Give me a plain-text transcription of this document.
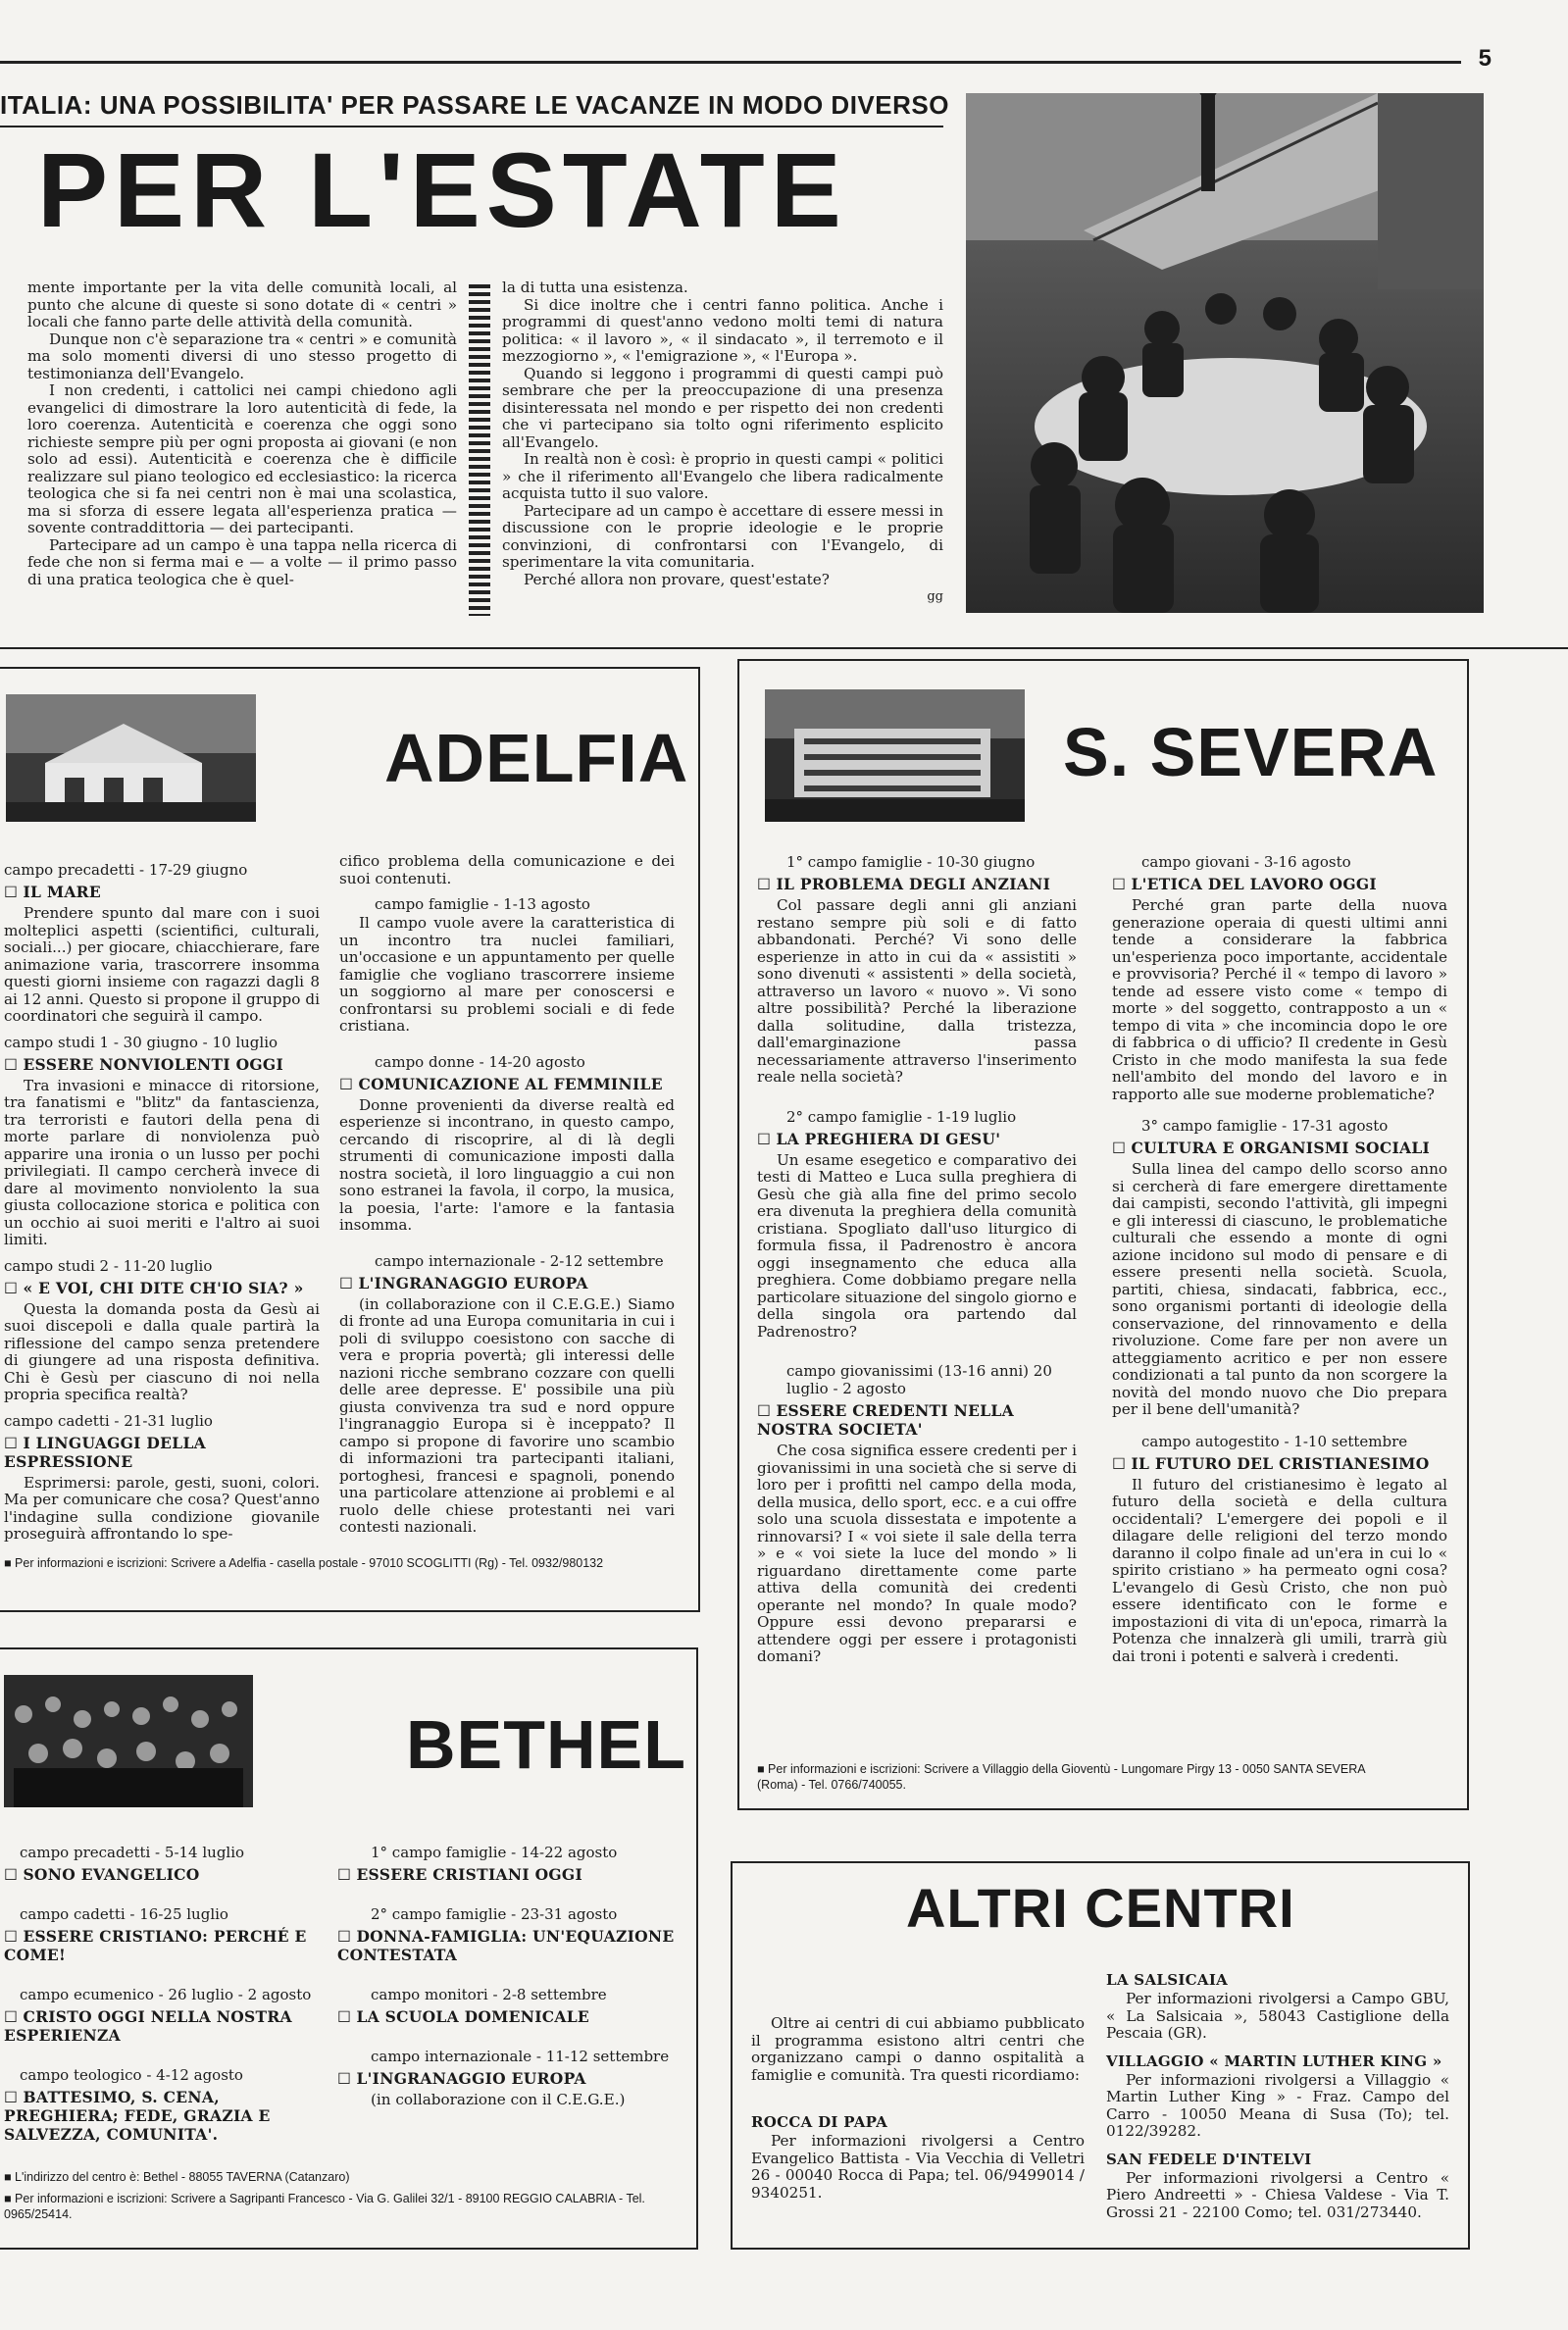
5
ITALIA: UNA POSSIBILITA' PER PASSARE LE VACANZE IN MODO DIVERSO
PER L'ESTATE

mente importante per la vita delle comunità locali, al punto che alcune di queste si sono dotate di « centri » locali che fanno parte delle attività della comunità.

Dunque non c'è separazione tra « centri » e comunità ma solo momenti diversi di uno stesso progetto di testimonianza dell'Evangelo.

I non credenti, i cattolici nei campi chiedono agli evangelici di dimostrare la loro autenticità di fede, la loro coerenza. Autenticità e coerenza che oggi sono richieste sempre più per ogni proposta ai giovani (e non solo ad essi). Autenticità e coerenza che è difficile realizzare sul piano teologico ed ecclesiastico: la ricerca teologica che si fa nei centri non è mai una scolastica, ma si sforza di essere legata all'esperienza pratica — sovente contraddittoria — dei partecipanti.

Partecipare ad un campo è una tappa nella ricerca di fede che non si ferma mai e — a volte — il primo passo di una pratica teologica che è quel-

la di tutta una esistenza.

Si dice inoltre che i centri fanno politica. Anche i programmi di quest'anno vedono molti temi di natura politica: « il lavoro », « il sindacato », il terremoto e il mezzogiorno », « l'emigrazione », « l'Europa ».

Quando si leggono i programmi di questi campi può sembrare che per la preoccupazione di una presenza disinteressata nel mondo e per rispetto dei non credenti che vi partecipano sia tolto ogni riferimento esplicito all'Evangelo.

In realtà non è così: è proprio in questi campi « politici » che il riferimento all'Evangelo che libera radicalmente acquista tutto il suo valore.

Partecipare ad un campo è accettare di essere messi in discussione con le proprie ideologie e le proprie convinzioni, di confrontarsi con l'Evangelo, di sperimentare la vita comunitaria.

Perché allora non provare, quest'estate?

gg
ADELFIA
campo precadetti - 17-29 giugno
☐ IL MARE

Prendere spunto dal mare con i suoi molteplici aspetti (scientifici, culturali, sociali...) per giocare, chiacchierare, fare animazione varia, trascorrere insomma questi giorni insieme con ragazzi dagli 8 ai 12 anni. Questo si propone il gruppo di coordinatori che seguirà il campo.

campo studi 1 - 30 giugno - 10 luglio
☐ ESSERE NONVIOLENTI OGGI

Tra invasioni e minacce di ritorsione, tra fanatismi e "blitz" da fantascienza, tra terroristi e fautori della pena di morte parlare di nonviolenza può apparire una ironia o un lusso per pochi privilegiati. Il campo cercherà invece di dare al movimento nonviolento la sua giusta collocazione storica e politica con un occhio ai suoi meriti e l'altro ai suoi limiti.

campo studi 2 - 11-20 luglio
☐ « E VOI, CHI DITE CH'IO SIA? »

Questa la domanda posta da Gesù ai suoi discepoli e dalla quale partirà la riflessione del campo senza pretendere di giungere ad una risposta definitiva. Chi è Gesù per ciascuno di noi nella propria specifica realtà?

campo cadetti - 21-31 luglio
☐ I LINGUAGGI DELLA ESPRESSIONE

Esprimersi: parole, gesti, suoni, colori. Ma per comunicare che cosa? Quest'anno l'indagine sulla condizione giovanile proseguirà affrontando lo spe-

cifico problema della comunicazione e dei suoi contenuti.

campo famiglie - 1-13 agosto

Il campo vuole avere la caratteristica di un incontro tra nuclei familiari, un'occasione e un appuntamento per quelle famiglie che vogliano trascorrere insieme un soggiorno al mare per conoscersi e confrontarsi su problemi sociali e di fede cristiana.

campo donne - 14-20 agosto
☐ COMUNICAZIONE AL FEMMINILE

Donne provenienti da diverse realtà ed esperienze si incontrano, in questo campo, cercando di riscoprire, al di là degli strumenti di comunicazione imposti dalla nostra società, il loro linguaggio a cui non sono estranei la favola, il corpo, la musica, la poesia, l'arte: l'amore e la fantasia insomma.

campo internazionale - 2-12 settembre
☐ L'INGRANAGGIO EUROPA

(in collaborazione con il C.E.G.E.) Siamo di fronte ad una Europa comunitaria in cui i poli di sviluppo coesistono con sacche di vera e propria povertà; gli interessi delle nazioni ricche sembrano cozzare con quelli delle aree depresse. E' possibile una più giusta convivenza tra sud e nord oppure l'ingranaggio Europa si è inceppato? Il campo si propone di favorire uno scambio di informazioni tra partecipanti italiani, portoghesi, francesi e spagnoli, ponendo una particolare attenzione ai problemi e al ruolo delle chiese protestanti nei vari contesti nazionali.

■ Per informazioni e iscrizioni: Scrivere a Adelfia - casella postale - 97010 SCOGLITTI (Rg) - Tel. 0932/980132
S. SEVERA
1° campo famiglie - 10-30 giugno
☐ IL PROBLEMA DEGLI ANZIANI

Col passare degli anni gli anziani restano sempre più soli e di fatto abbandonati. Perché? Vi sono delle esperienze in atto in cui da « assistiti » sono divenuti « assistenti » della società, attraverso un lavoro « nuovo ». Vi sono altre possibilità? Perché la liberazione dalla solitudine, dalla tristezza, dall'emarginazione passa necessariamente attraverso l'inserimento reale nella società?

2° campo famiglie - 1-19 luglio
☐ LA PREGHIERA DI GESU'

Un esame esegetico e comparativo dei testi di Matteo e Luca sulla preghiera di Gesù che già alla fine del primo secolo era divenuta la preghiera della comunità cristiana. Spogliato dall'uso liturgico di formula fissa, il Padrenostro è ancora oggi insegnamento che educa alla preghiera. Come dobbiamo pregare nella particolare situazione del singolo giorno e della singola ora partendo dal Padrenostro?

campo giovanissimi (13-16 anni) 20 luglio - 2 agosto
☐ ESSERE CREDENTI NELLA NOSTRA SOCIETA'

Che cosa significa essere credenti per i giovanissimi in una società che si serve di loro per i profitti nel campo della moda, della musica, dello sport, ecc. e a cui offre solo una scuola dissestata e impotente a rinnovarsi? I « voi siete il sale della terra » e « voi siete la luce del mondo » li riguardano direttamente come parte attiva della comunità dei credenti operante nel mondo? In quale modo? Oppure essi devono prepararsi e attendere oggi per essere i protagonisti domani?

campo giovani - 3-16 agosto
☐ L'ETICA DEL LAVORO OGGI

Perché gran parte della nuova generazione operaia di questi ultimi anni tende a considerare la fabbrica un'esperienza poco importante, accidentale e provvisoria? Perché il « tempo di lavoro » tende ad essere visto come « tempo di morte » del soggetto, contrapposto a un « tempo di vita » che incomincia dopo le ore di fabbrica o di ufficio? Il credente in Gesù Cristo in che modo manifesta la sua fede nell'ambito del mondo del lavoro e in rapporto alle sue moderne problematiche?

3° campo famiglie - 17-31 agosto
☐ CULTURA E ORGANISMI SOCIALI

Sulla linea del campo dello scorso anno si cercherà di fare emergere direttamente dai campisti, secondo l'attività, gli impegni e gli interessi di ciascuno, le problematiche culturali che essendo a monte di ogni azione incidono sul modo di pensare e di essere presenti nella società. Scuola, partiti, chiesa, sindacati, fabbrica, ecc., sono organismi portanti di ideologie della conservazione, del rinnovamento e della rivoluzione. Come fare per non avere un atteggiamento acritico e per non essere condizionati a tal punto da non scorgere la novità del mondo nuovo che Dio prepara per il bene dell'umanità?

campo autogestito - 1-10 settembre
☐ IL FUTURO DEL CRISTIANESIMO

Il futuro del cristianesimo è legato al futuro della società e della cultura occidentali? L'emergere dei popoli e il dilagare delle religioni del terzo mondo daranno il colpo finale ad un'era in cui lo « spirito cristiano » ha permeato ogni cosa? L'evangelo di Gesù Cristo, che non può essere identificato con le forme e impostazioni di vita di un'epoca, rimarrà la Potenza che innalzerà gli umili, trarrà giù dai troni i potenti e salverà i credenti.

■ Per informazioni e iscrizioni: Scrivere a Villaggio della Gioventù - Lungomare Pirgy 13 - 0050 SANTA SEVERA (Roma) - Tel. 0766/740055.
BETHEL
campo precadetti - 5-14 luglio
☐ SONO EVANGELICO
campo cadetti - 16-25 luglio
☐ ESSERE CRISTIANO: PERCHÉ E COME!
campo ecumenico - 26 luglio - 2 agosto
☐ CRISTO OGGI NELLA NOSTRA ESPERIENZA
campo teologico - 4-12 agosto
☐ BATTESIMO, S. CENA, PREGHIERA; FEDE, GRAZIA E SALVEZZA, COMUNITA'.
1° campo famiglie - 14-22 agosto
☐ ESSERE CRISTIANI OGGI
2° campo famiglie - 23-31 agosto
☐ DONNA-FAMIGLIA: UN'EQUAZIONE CONTESTATA
campo monitori - 2-8 settembre
☐ LA SCUOLA DOMENICALE
campo internazionale - 11-12 settembre
☐ L'INGRANAGGIO EUROPA
(in collaborazione con il C.E.G.E.)
■ L'indirizzo del centro è: Bethel - 88055 TAVERNA (Catanzaro)
■ Per informazioni e iscrizioni: Scrivere a Sagripanti Francesco - Via G. Galilei 32/1 - 89100 REGGIO CALABRIA - Tel. 0965/25414.
ALTRI CENTRI

Oltre ai centri di cui abbiamo pubblicato il programma esistono altri centri che organizzano campi o danno ospitalità a famiglie e comunità. Tra questi ricordiamo:

ROCCA DI PAPA

Per informazioni rivolgersi a Centro Evangelico Battista - Via Vecchia di Velletri 26 - 00040 Rocca di Papa; tel. 06/9499014 / 9340251.

LA SALSICAIA

Per informazioni rivolgersi a Campo GBU, « La Salsicaia », 58043 Castiglione della Pescaia (GR).

VILLAGGIO « MARTIN LUTHER KING »

Per informazioni rivolgersi a Villaggio « Martin Luther King » - Fraz. Campo del Carro - 10050 Meana di Susa (To); tel. 0122/39282.

SAN FEDELE D'INTELVI

Per informazioni rivolgersi a Centro « Piero Andreetti » - Chiesa Valdese - Via T. Grossi 21 - 22100 Como; tel. 031/273440.
